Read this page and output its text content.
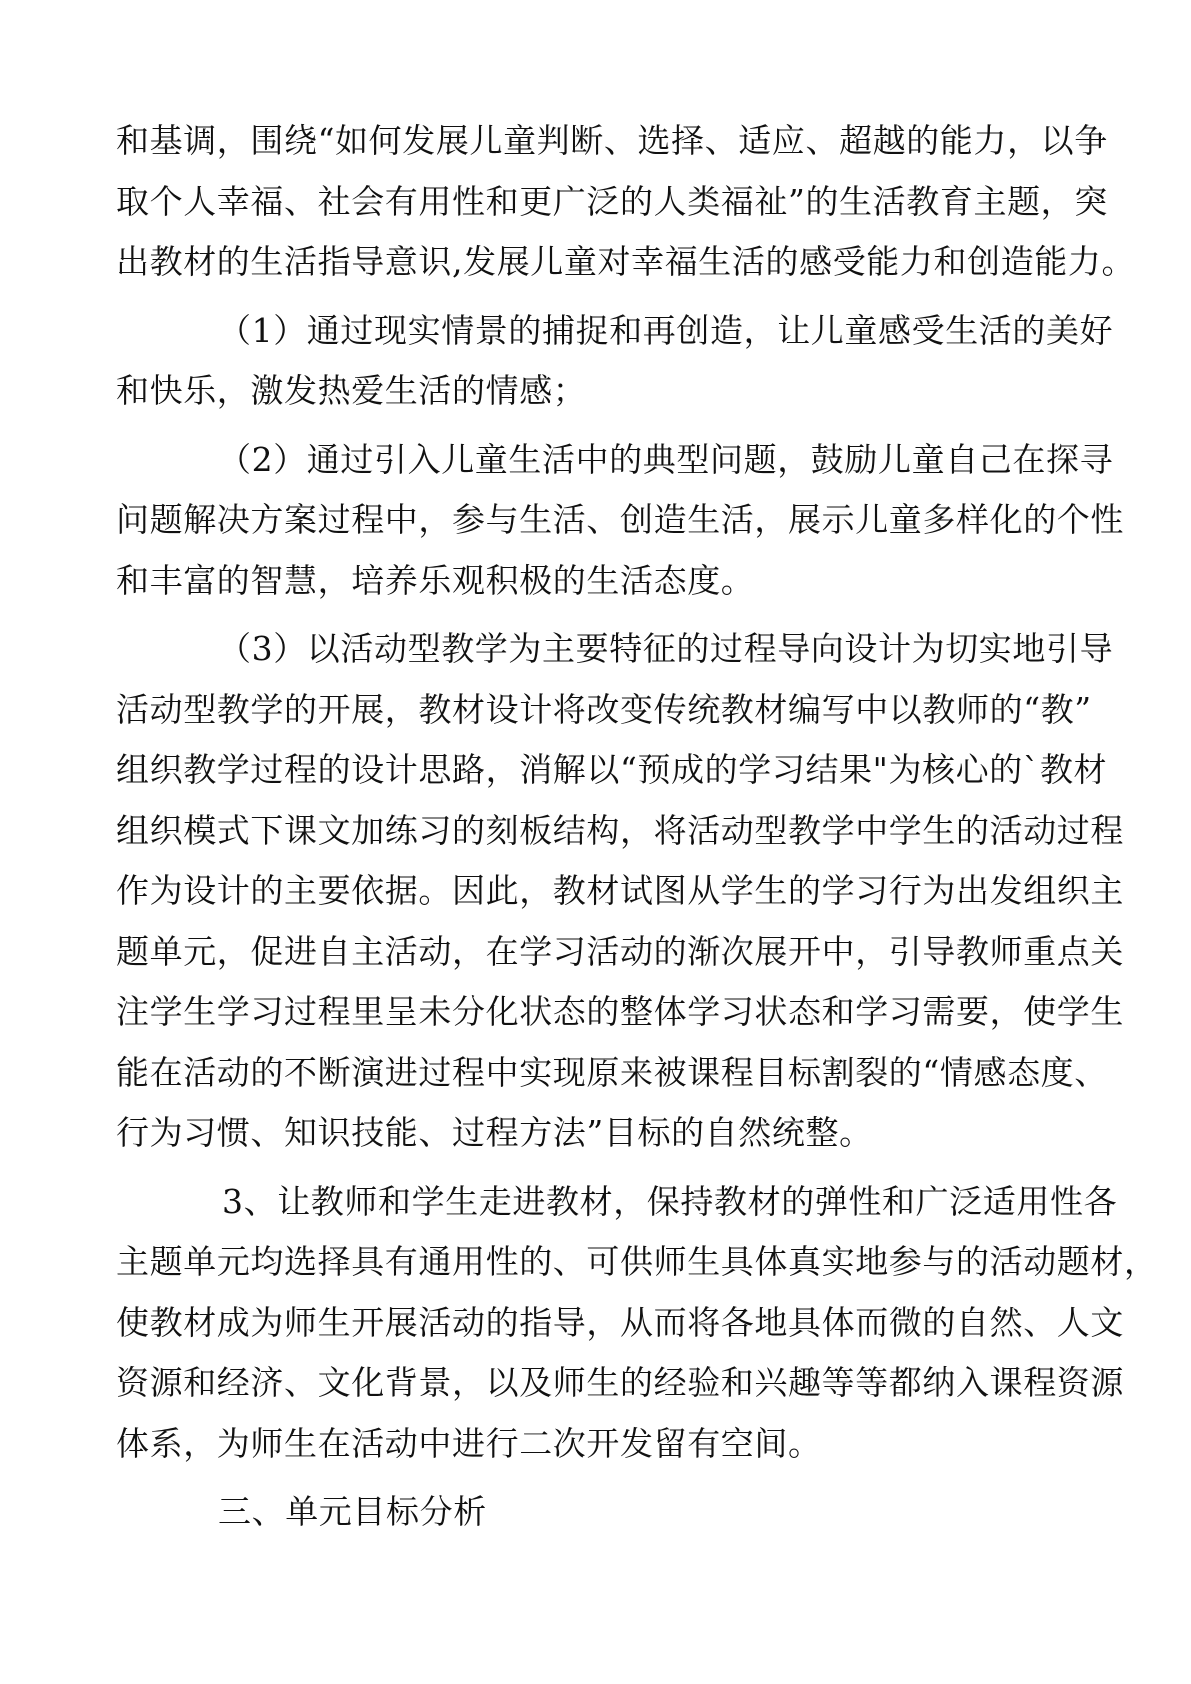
和基调，围绕“如何发展儿童判断、选择、适应、超越的能力，以争
取个人幸福、社会有用性和更广泛的人类福祉”的生活教育主题，突
出教材的生活指导意识,发展儿童对幸福生活的感受能力和创造能力。

（1）通过现实情景的捕捉和再创造，让儿童感受生活的美好
和快乐，激发热爱生活的情感；

（2）通过引入儿童生活中的典型问题，鼓励儿童自己在探寻
问题解决方案过程中，参与生活、创造生活，展示儿童多样化的个性
和丰富的智慧，培养乐观积极的生活态度。

（3）以活动型教学为主要特征的过程导向设计为切实地引导
活动型教学的开展，教材设计将改变传统教材编写中以教师的“教”
组织教学过程的设计思路，消解以“预成的学习结果"为核心的`教材
组织模式下课文加练习的刻板结构，将活动型教学中学生的活动过程
作为设计的主要依据。因此，教材试图从学生的学习行为出发组织主
题单元，促进自主活动，在学习活动的渐次展开中，引导教师重点关
注学生学习过程里呈未分化状态的整体学习状态和学习需要，使学生
能在活动的不断演进过程中实现原来被课程目标割裂的“情感态度、
行为习惯、知识技能、过程方法”目标的自然统整。

3、让教师和学生走进教材，保持教材的弹性和广泛适用性各
主题单元均选择具有通用性的、可供师生具体真实地参与的活动题材，
使教材成为师生开展活动的指导，从而将各地具体而微的自然、人文
资源和经济、文化背景，以及师生的经验和兴趣等等都纳入课程资源
体系，为师生在活动中进行二次开发留有空间。

三、单元目标分析
